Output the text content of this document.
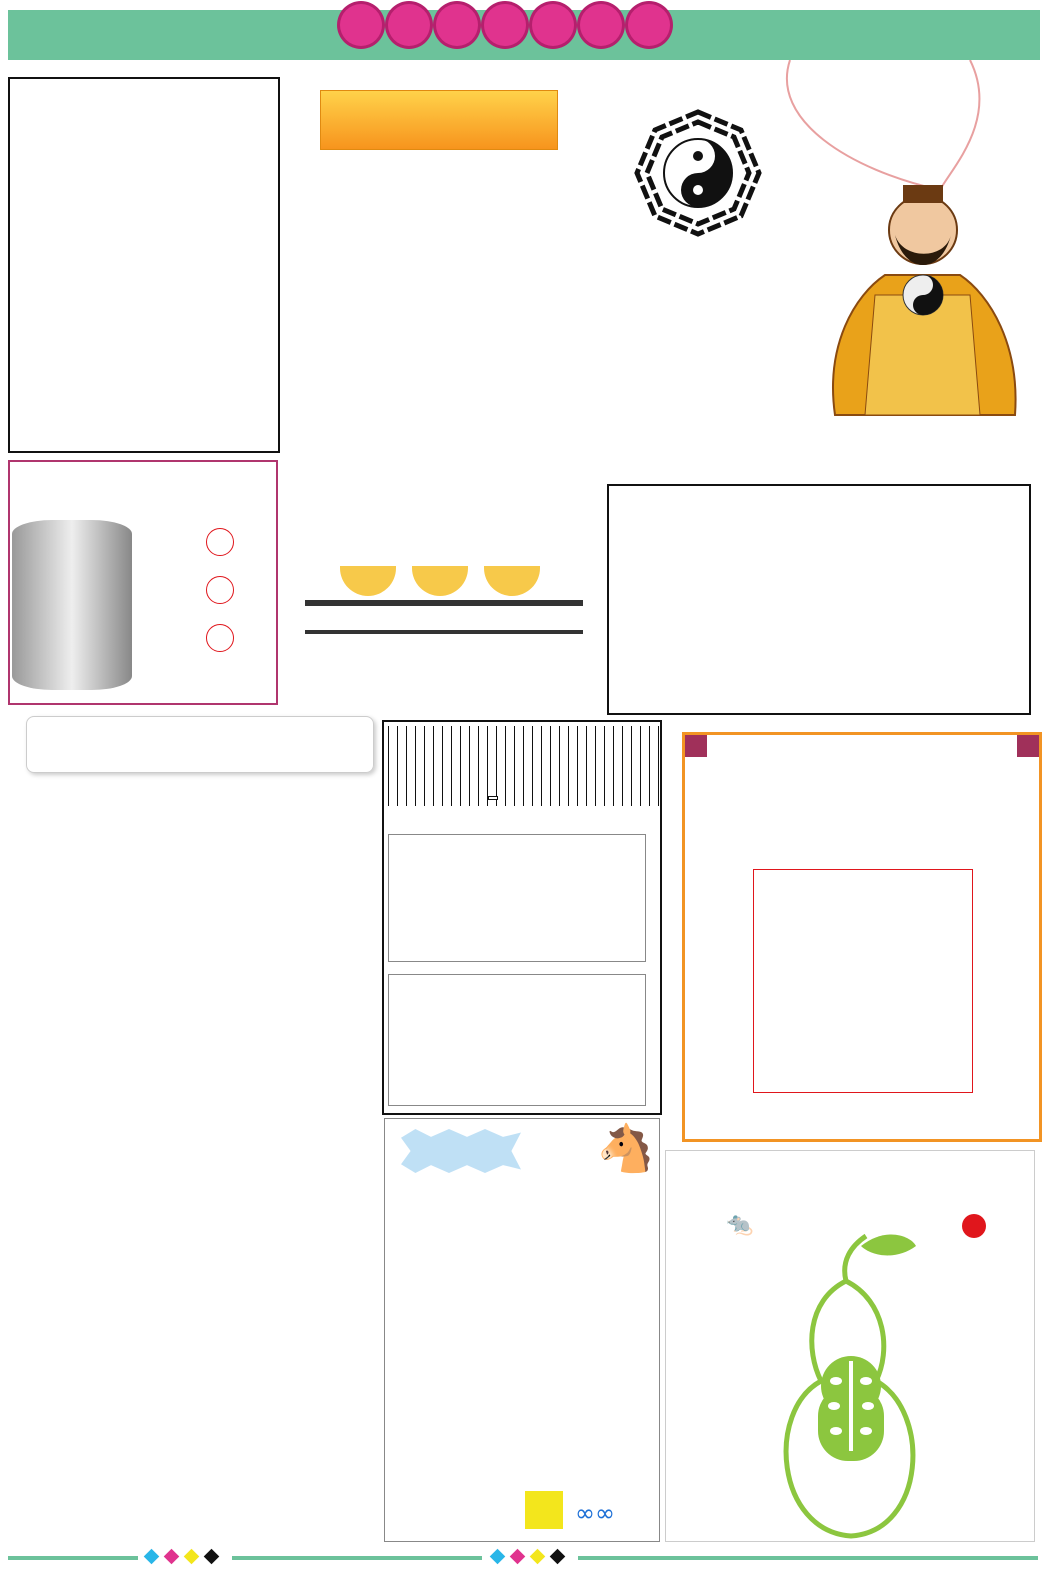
🐴
∞∞
🐀
